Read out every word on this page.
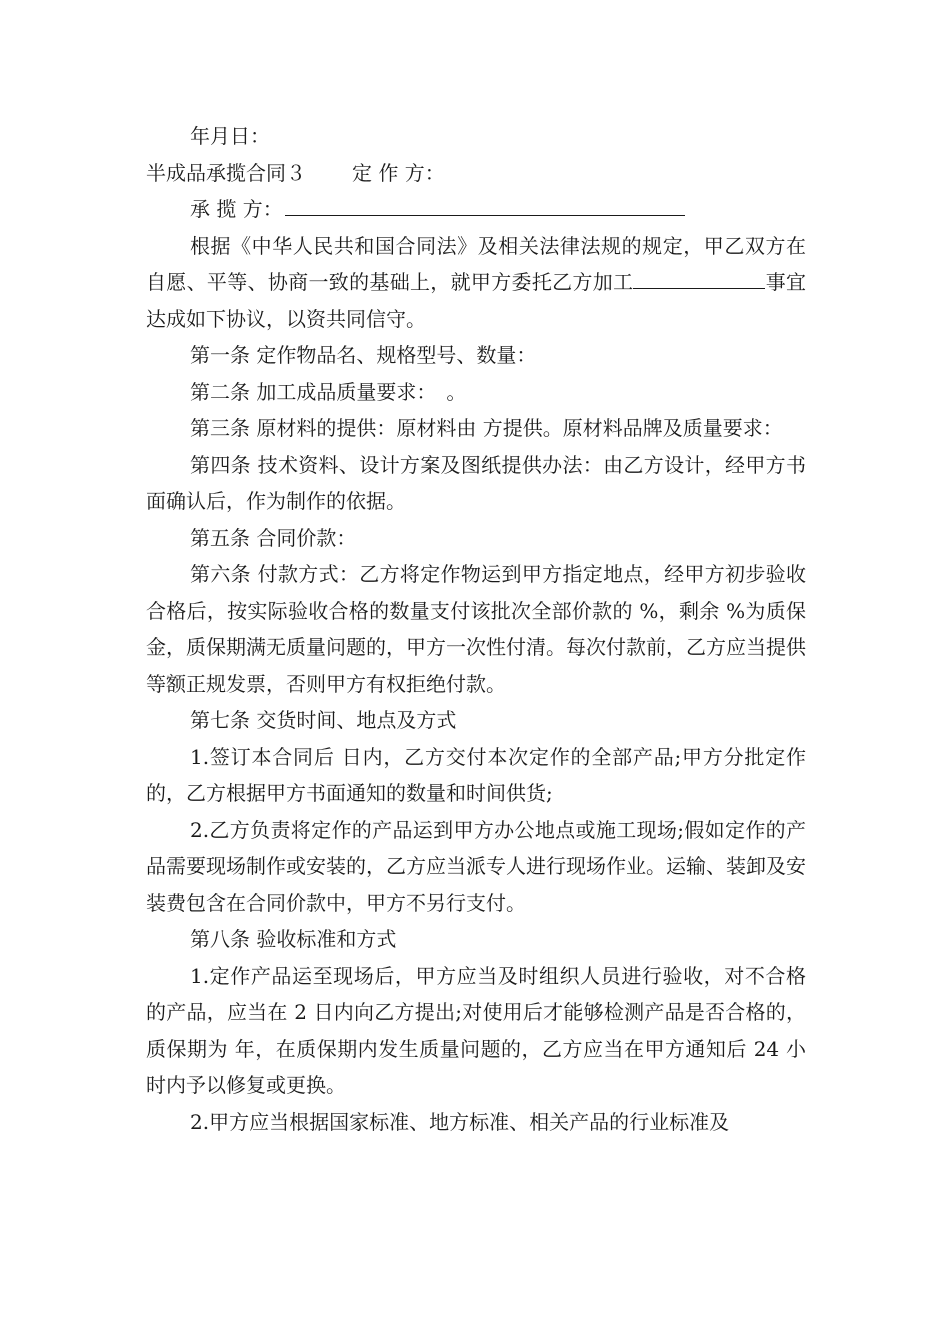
年月日：

半成品承揽合同３ 定 作 方：

承 揽 方：

根据《中华人民共和国合同法》及相关法律法规的规定，甲乙双方在自愿、平等、协商一致的基础上，就甲方委托乙方加工	事宜达成如下协议，以资共同信守。

第一条 定作物品名、规格型号、数量：

第二条 加工成品质量要求：　。

第三条 原材料的提供：原材料由 方提供。原材料品牌及质量要求：

第四条 技术资料、设计方案及图纸提供办法：由乙方设计，经甲方书面确认后，作为制作的依据。

第五条 合同价款：

第六条 付款方式：乙方将定作物运到甲方指定地点，经甲方初步验收合格后，按实际验收合格的数量支付该批次全部价款的 %，剩余 %为质保金，质保期满无质量问题的，甲方一次性付清。每次付款前，乙方应当提供等额正规发票，否则甲方有权拒绝付款。

第七条 交货时间、地点及方式

1.签订本合同后 日内，乙方交付本次定作的全部产品;甲方分批定作的，乙方根据甲方书面通知的数量和时间供货;

2.乙方负责将定作的产品运到甲方办公地点或施工现场;假如定作的产品需要现场制作或安装的，乙方应当派专人进行现场作业。运输、装卸及安装费包含在合同价款中，甲方不另行支付。

第八条 验收标准和方式

1.定作产品运至现场后，甲方应当及时组织人员进行验收，对不合格的产品，应当在 2 日内向乙方提出;对使用后才能够检测产品是否合格的，质保期为 年，在质保期内发生质量问题的，乙方应当在甲方通知后 24 小时内予以修复或更换。

2.甲方应当根据国家标准、地方标准、相关产品的行业标准及
